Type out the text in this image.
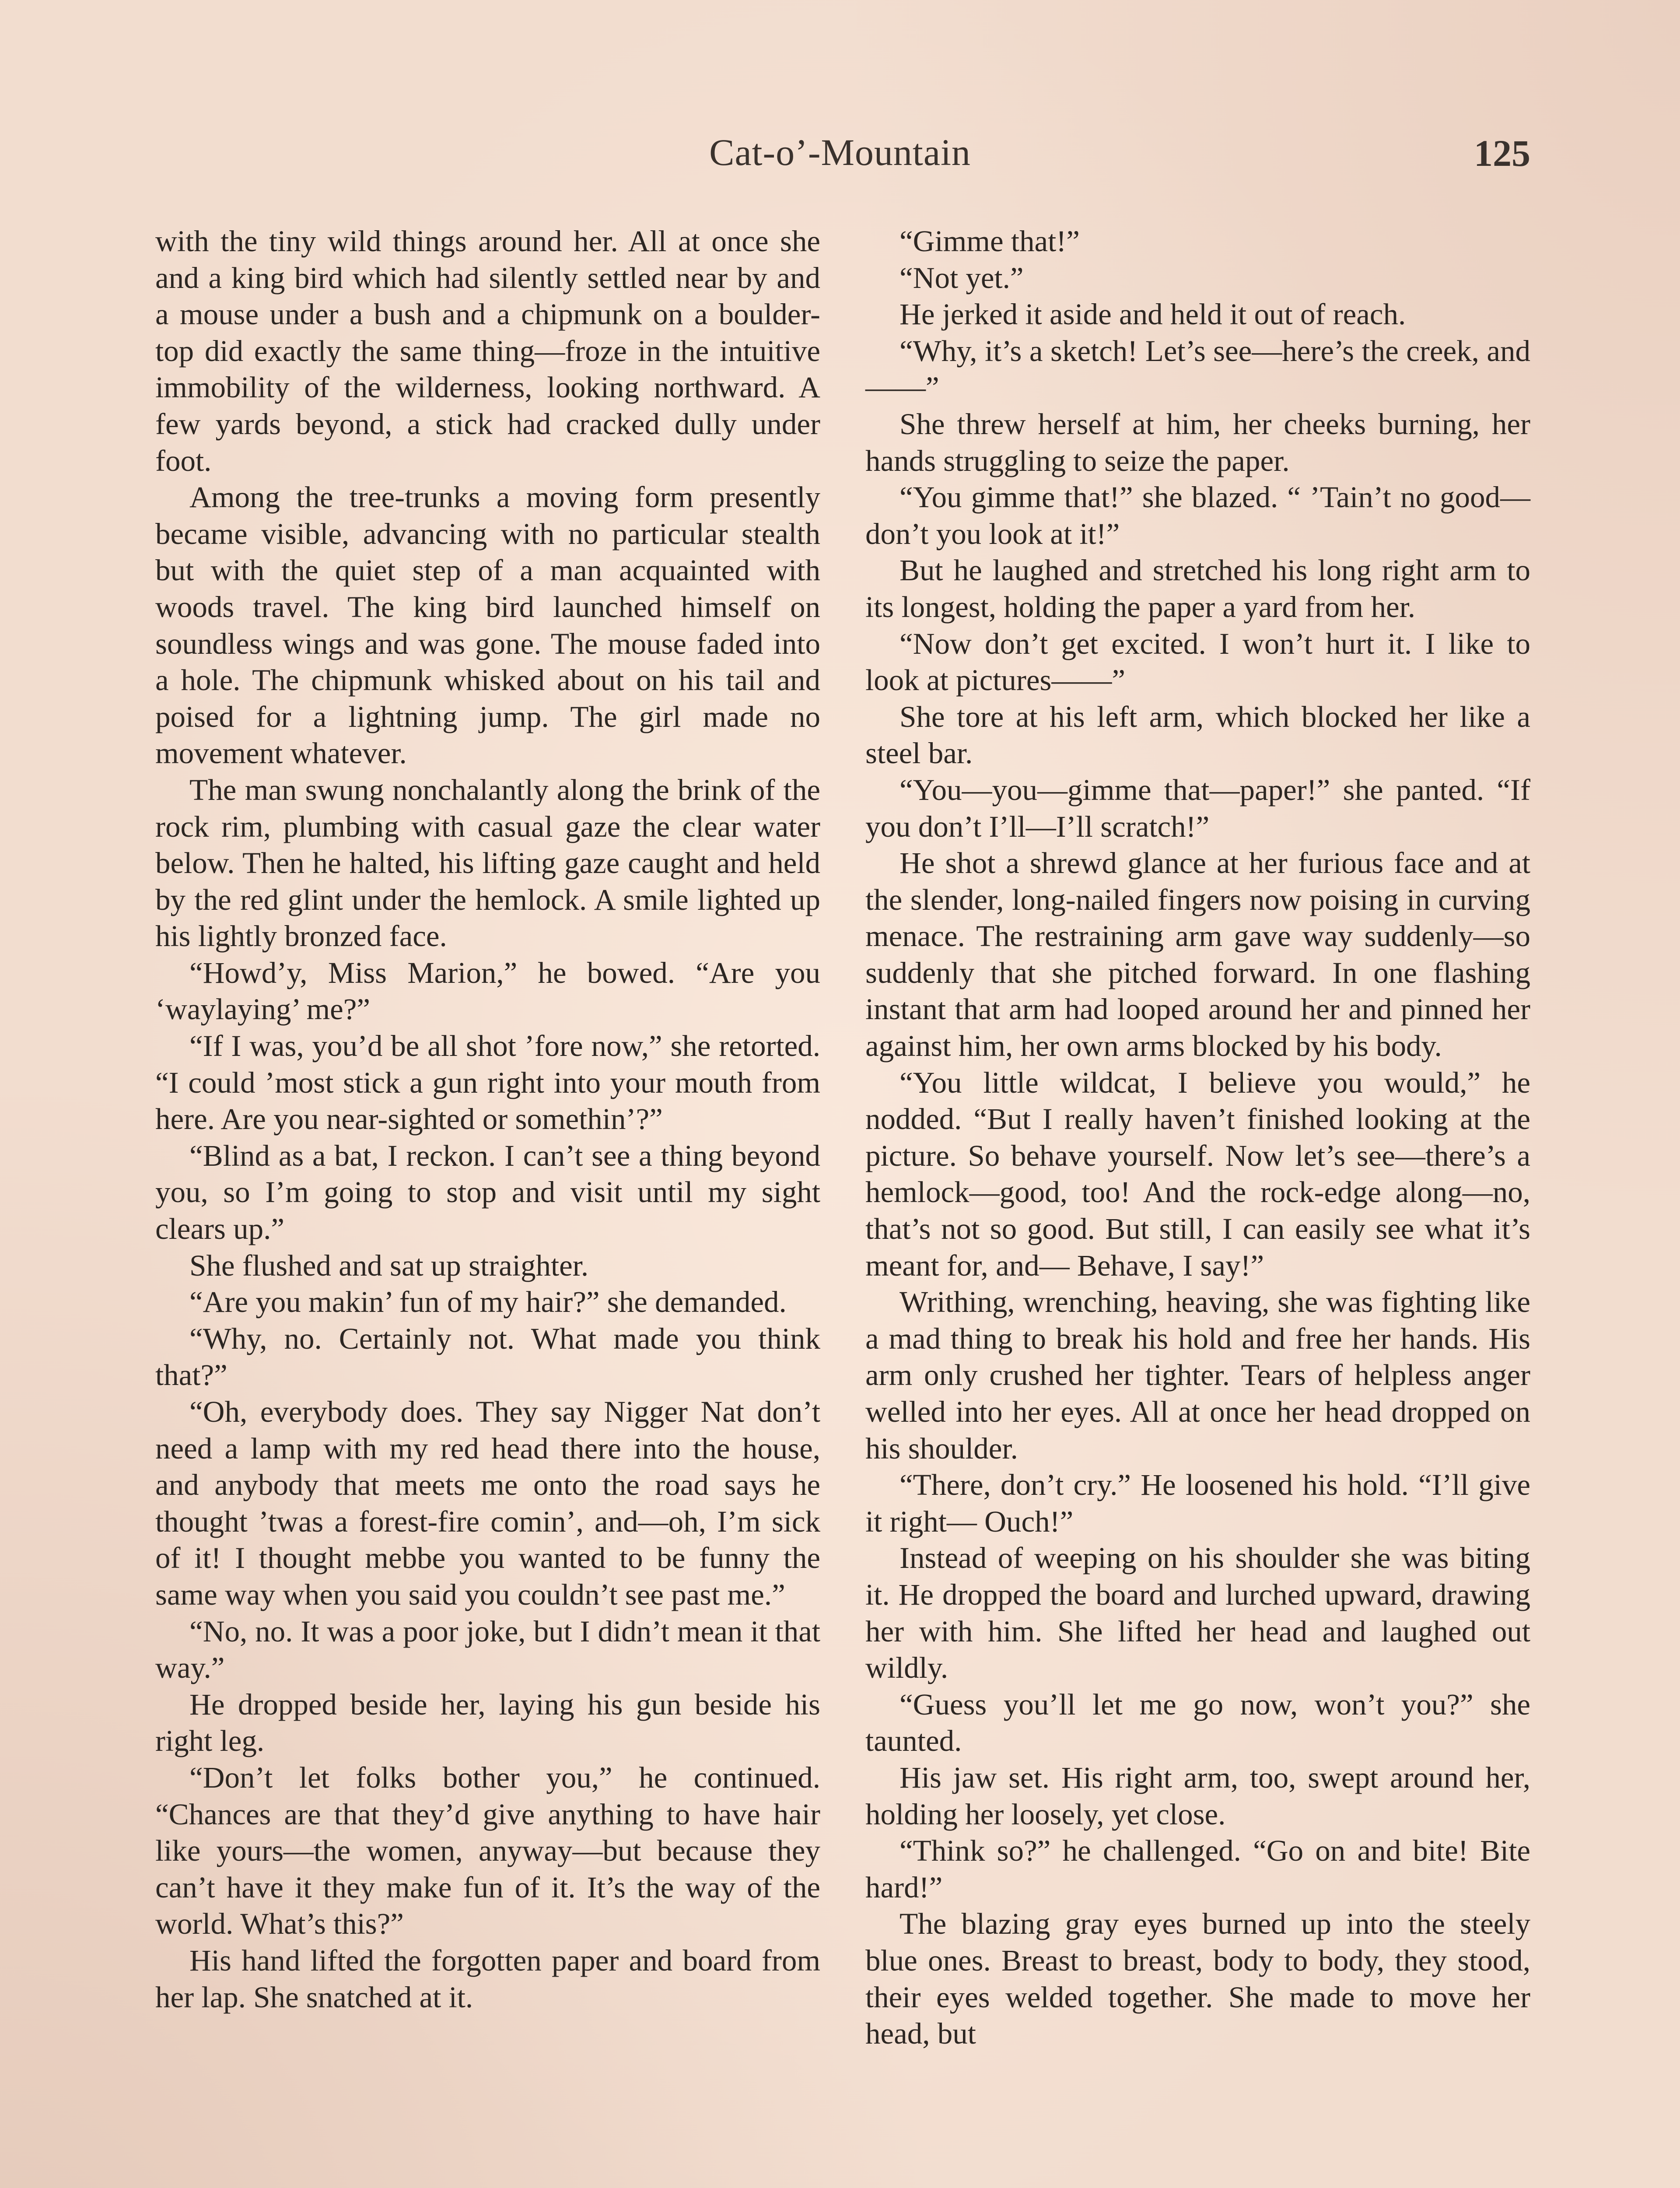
Cat-o’-Mountain	125

with the tiny wild things around her. All at once she and a king bird which had silently settled near by and a mouse under a bush and a chipmunk on a boulder-top did exactly the same thing—froze in the intuitive immobility of the wilderness, looking northward. A few yards beyond, a stick had cracked dully under foot.

Among the tree-trunks a moving form presently became visible, advancing with no particular stealth but with the quiet step of a man acquainted with woods travel. The king bird launched himself on soundless wings and was gone. The mouse faded into a hole. The chipmunk whisked about on his tail and poised for a lightning jump. The girl made no movement whatever.

The man swung nonchalantly along the brink of the rock rim, plumbing with casual gaze the clear water below. Then he halted, his lifting gaze caught and held by the red glint under the hemlock. A smile lighted up his lightly bronzed face.

“Howd’y, Miss Marion,” he bowed. “Are you ‘waylaying’ me?”

“If I was, you’d be all shot ’fore now,” she retorted. “I could ’most stick a gun right into your mouth from here. Are you near-sighted or somethin’?”

“Blind as a bat, I reckon. I can’t see a thing beyond you, so I’m going to stop and visit until my sight clears up.”

She flushed and sat up straighter.

“Are you makin’ fun of my hair?” she demanded.

“Why, no. Certainly not. What made you think that?”

“Oh, everybody does. They say Nigger Nat don’t need a lamp with my red head there into the house, and anybody that meets me onto the road says he thought ’twas a forest-fire comin’, and—oh, I’m sick of it! I thought mebbe you wanted to be funny the same way when you said you couldn’t see past me.”

“No, no. It was a poor joke, but I didn’t mean it that way.”

He dropped beside her, laying his gun beside his right leg.

“Don’t let folks bother you,” he continued. “Chances are that they’d give anything to have hair like yours—the women, anyway—but because they can’t have it they make fun of it. It’s the way of the world. What’s this?”

His hand lifted the forgotten paper and board from her lap. She snatched at it.

“Gimme that!”

“Not yet.”

He jerked it aside and held it out of reach.

“Why, it’s a sketch! Let’s see—here’s the creek, and——”

She threw herself at him, her cheeks burning, her hands struggling to seize the paper.

“You gimme that!” she blazed. “ ’Tain’t no good—don’t you look at it!”

But he laughed and stretched his long right arm to its longest, holding the paper a yard from her.

“Now don’t get excited. I won’t hurt it. I like to look at pictures——”

She tore at his left arm, which blocked her like a steel bar.

“You—you—gimme that—paper!” she panted. “If you don’t I’ll—I’ll scratch!”

He shot a shrewd glance at her furious face and at the slender, long-nailed fingers now poising in curving menace. The restraining arm gave way suddenly—so suddenly that she pitched forward. In one flashing instant that arm had looped around her and pinned her against him, her own arms blocked by his body.

“You little wildcat, I believe you would,” he nodded. “But I really haven’t finished looking at the picture. So behave yourself. Now let’s see—there’s a hemlock—good, too! And the rock-edge along—no, that’s not so good. But still, I can easily see what it’s meant for, and— Behave, I say!”

Writhing, wrenching, heaving, she was fighting like a mad thing to break his hold and free her hands. His arm only crushed her tighter. Tears of helpless anger welled into her eyes. All at once her head dropped on his shoulder.

“There, don’t cry.” He loosened his hold. “I’ll give it right— Ouch!”

Instead of weeping on his shoulder she was biting it. He dropped the board and lurched upward, drawing her with him. She lifted her head and laughed out wildly.

“Guess you’ll let me go now, won’t you?” she taunted.

His jaw set. His right arm, too, swept around her, holding her loosely, yet close.

“Think so?” he challenged. “Go on and bite! Bite hard!”

The blazing gray eyes burned up into the steely blue ones. Breast to breast, body to body, they stood, their eyes welded together. She made to move her head, but
